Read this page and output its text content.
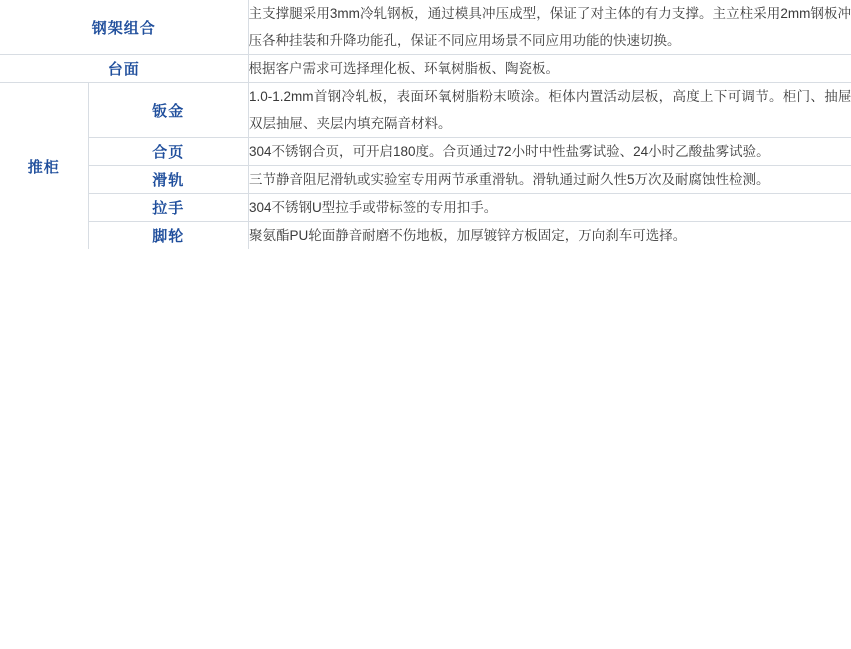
钢架组合	主支撑腿采用3mm冷轧钢板，通过模具冲压成型，保证了对主体的有力支撑。主立柱采用2mm钢板冲压各种挂装和升降功能孔，保证不同应用场景不同应用功能的快速切换。
台面	根据客户需求可选择理化板、环氧树脂板、陶瓷板。
推柜	
钣金	1.0-1.2mm首钢冷轧板，表面环氧树脂粉末喷涂。柜体内置活动层板，高度上下可调节。柜门、抽屉双层抽屉、夹层内填充隔音材料。
合页	304不锈钢合页，可开启180度。合页通过72小时中性盐雾试验、24小时乙酸盐雾试验。
滑轨	三节静音阻尼滑轨或实验室专用两节承重滑轨。滑轨通过耐久性5万次及耐腐蚀性检测。
拉手	304不锈钢U型拉手或带标签的专用扣手。
脚轮	聚氨酯PU轮面静音耐磨不伤地板，加厚镀锌方板固定，万向刹车可选择。
